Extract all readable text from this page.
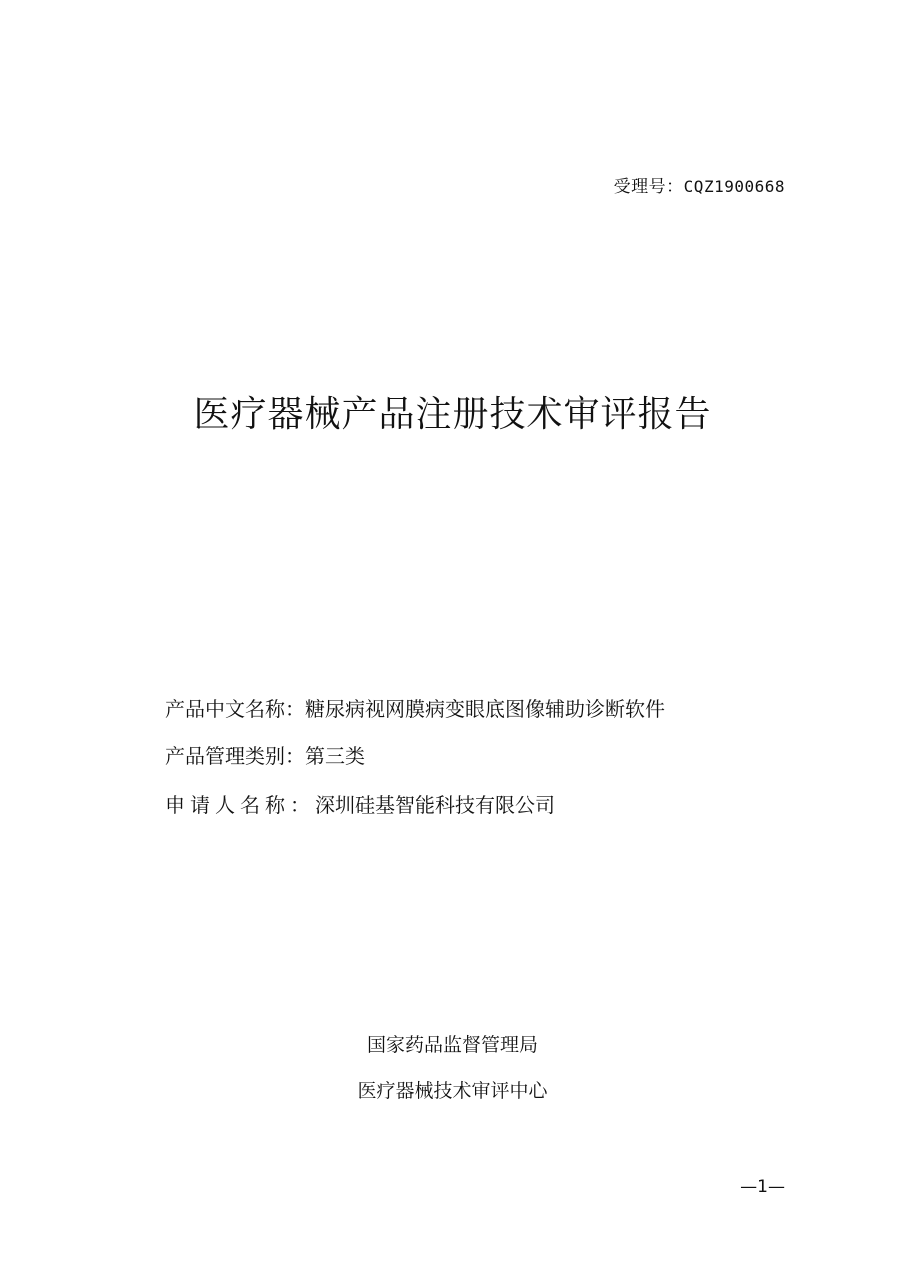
受理号：CQZ1900668
医疗器械产品注册技术审评报告
产品中文名称：糖尿病视网膜病变眼底图像辅助诊断软件
产品管理类别：第三类
申请人名称：深圳硅基智能科技有限公司
国家药品监督管理局
医疗器械技术审评中心
—1—
